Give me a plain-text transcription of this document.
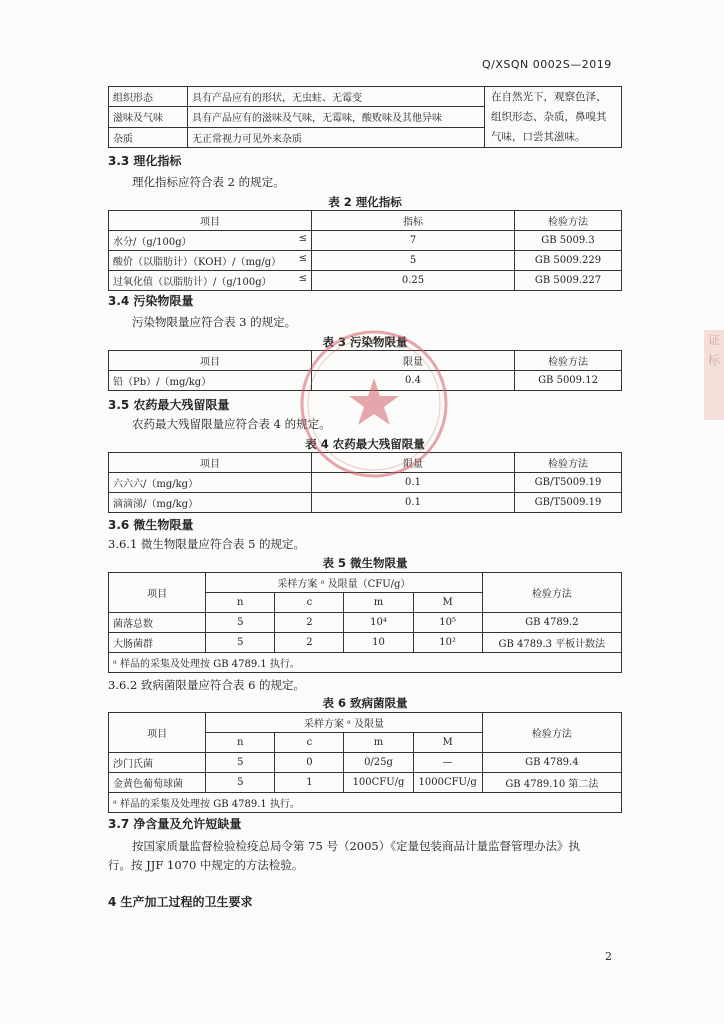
Q/XSQN 0002S—2019
组织形态	具有产品应有的形状，无虫蛀、无霉变	在自然光下，观察色泽、组织形态、杂质，鼻嗅其气味，口尝其滋味。
滋味及气味	具有产品应有的滋味及气味，无霉味，酸败味及其他异味	
杂质	无正常视力可见外来杂质	
3.3 理化指标
理化指标应符合表 2 的规定。
表 2 理化指标
项目	指标	检验方法
水分/（g/100g） ≤	7	GB 5009.3
酸价（以脂肪计）（KOH）/（mg/g） ≤	5	GB 5009.229
过氧化值（以脂肪计）/（g/100g） ≤	0.25	GB 5009.227
3.4 污染物限量
污染物限量应符合表 3 的规定。
表 3 污染物限量
项目	限量	检验方法
铅（Pb）/（mg/kg）	0.4	GB 5009.12
3.5 农药最大残留限量
农药最大残留限量应符合表 4 的规定。
表 4 农药最大残留限量
项目	限量	检验方法
六六六/（mg/kg）	0.1	GB/T5009.19
滴滴涕/（mg/kg）	0.1	GB/T5009.19
3.6 微生物限量
3.6.1 微生物限量应符合表 5 的规定。
表 5 微生物限量
项目	采样方案 ᵃ 及限量（CFU/g）				检验方法
	n	c	m	M	
菌落总数	5	2	10⁴	10⁵	GB 4789.2
大肠菌群	5	2	10	10²	GB 4789.3 平板计数法
ᵃ 样品的采集及处理按 GB 4789.1 执行。					
3.6.2 致病菌限量应符合表 6 的规定。
表 6 致病菌限量
项目	采样方案 ᵃ 及限量				检验方法
	n	c	m	M	
沙门氏菌	5	0	0/25g	—	GB 4789.4
金黄色葡萄球菌	5	1	100CFU/g	1000CFU/g	GB 4789.10 第二法
ᵃ 样品的采集及处理按 GB 4789.1 执行。					
3.7 净含量及允许短缺量
按国家质量监督检验检疫总局令第 75 号（2005）《定量包装商品计量监督管理办法》执
行。按 JJF 1070 中规定的方法检验。
4 生产加工过程的卫生要求
2
证
标
